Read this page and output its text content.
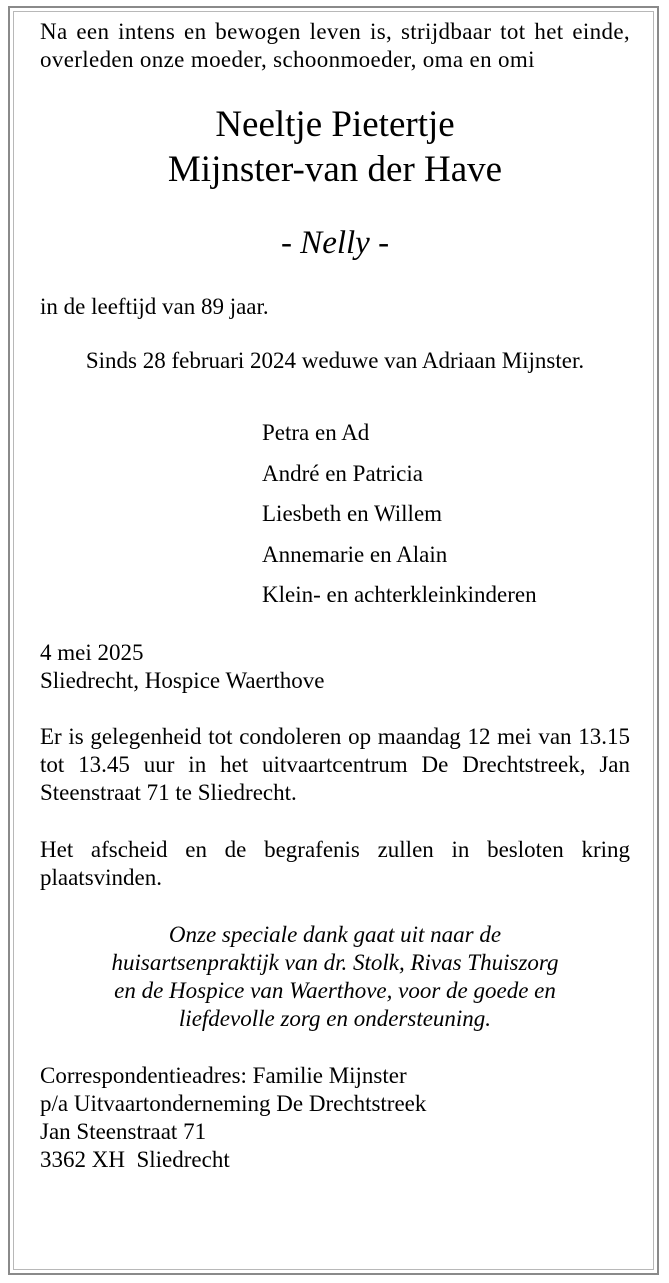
Na een intens en bewogen leven is, strijdbaar tot het einde, overleden onze moeder, schoonmoeder, oma en omi

Neeltje Pietertje
Mijnster-van der Have
- Nelly -

in de leeftijd van 89 jaar.

Sinds 28 februari 2024 weduwe van Adriaan Mijnster.

Petra en Ad
André en Patricia
Liesbeth en Willem
Annemarie en Alain
Klein- en achterkleinkinderen
4 mei 2025
Sliedrecht, Hospice Waerthove

Er is gelegenheid tot condoleren op maandag 12 mei van 13.15 tot 13.45 uur in het uitvaartcentrum De Drechtstreek, Jan Steenstraat 71 te Sliedrecht.

Het afscheid en de begrafenis zullen in besloten kring plaatsvinden.

Onze speciale dank gaat uit naar de
huisartsenpraktijk van dr. Stolk, Rivas Thuiszorg
en de Hospice van Waerthove, voor de goede en
liefdevolle zorg en ondersteuning.
Correspondentieadres: Familie Mijnster
p/a Uitvaartonderneming De Drechtstreek
Jan Steenstraat 71
3362 XH  Sliedrecht
